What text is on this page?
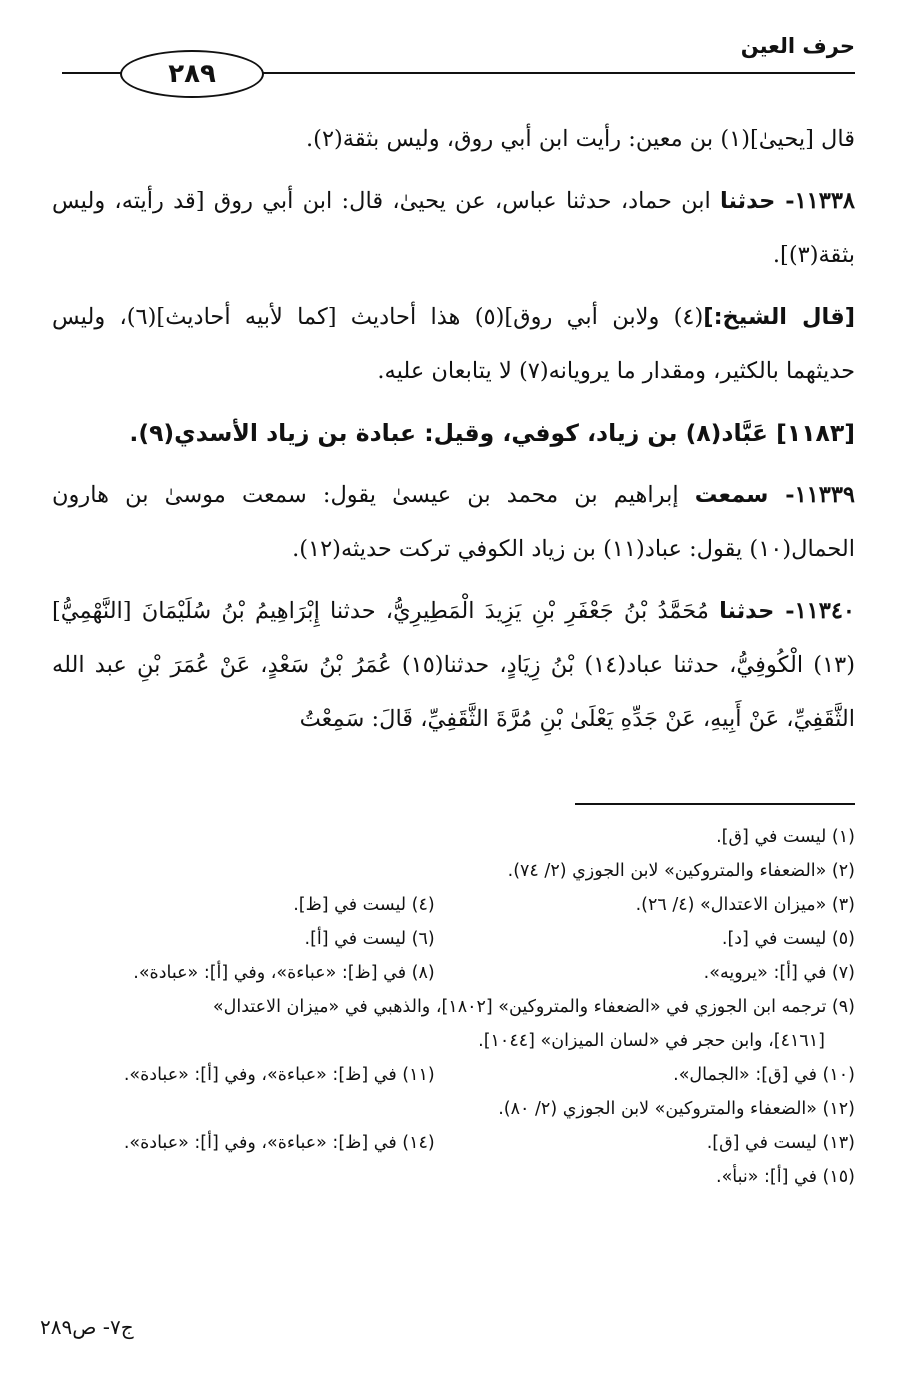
حرف العين
٢٨٩

قال [يحيىٰ](١) بن معين: رأيت ابن أبي روق، وليس بثقة(٢).

١١٣٣٨- حدثنا ابن حماد، حدثنا عباس، عن يحيىٰ، قال: ابن أبي روق [قد رأيته، وليس بثقة(٣)].

[قال الشيخ:](٤) ولابن أبي روق](٥) هذا أحاديث [كما لأبيه أحاديث](٦)، وليس حديثهما بالكثير، ومقدار ما يرويانه(٧) لا يتابعان عليه.

[١١٨٣] عَبَّاد(٨) بن زياد، كوفي، وقيل: عبادة بن زياد الأسدي(٩).

١١٣٣٩- سمعت إبراهيم بن محمد بن عيسىٰ يقول: سمعت موسىٰ بن هارون الحمال(١٠) يقول: عباد(١١) بن زياد الكوفي تركت حديثه(١٢).

١١٣٤٠- حدثنا مُحَمَّدُ بْنُ جَعْفَرِ بْنِ يَزِيدَ الْمَطِيرِيُّ، حدثنا إِبْرَاهِيمُ بْنُ سُلَيْمَانَ [النَّهْمِيُّ](١٣) الْكُوفِيُّ، حدثنا عباد(١٤) بْنُ زِيَادٍ، حدثنا(١٥) عُمَرُ بْنُ سَعْدٍ، عَنْ عُمَرَ بْنِ عبد الله الثَّقَفِيِّ، عَنْ أَبِيهِ، عَنْ جَدِّهِ يَعْلَىٰ بْنِ مُرَّةَ الثَّقَفِيِّ، قَالَ: سَمِعْتُ

(١) ليست في [ق].
(٢) «الضعفاء والمتروكين» لابن الجوزي (٢/ ٧٤).
(٣) «ميزان الاعتدال» (٤/ ٢٦).
(٤) ليست في [ظ].
(٥) ليست في [د].
(٦) ليست في [أ].
(٧) في [أ]: «يرويه».
(٨) في [ظ]: «عباءة»، وفي [أ]: «عبادة».
(٩) ترجمه ابن الجوزي في «الضعفاء والمتروكين» [١٨٠٢]، والذهبي في «ميزان الاعتدال»
[٤١٦١]، وابن حجر في «لسان الميزان» [١٠٤٤].
(١٠) في [ق]: «الجمال».
(١١) في [ظ]: «عباءة»، وفي [أ]: «عبادة».
(١٢) «الضعفاء والمتروكين» لابن الجوزي (٢/ ٨٠).
(١٣) ليست في [ق].
(١٤) في [ظ]: «عباءة»، وفي [أ]: «عبادة».
(١٥) في [أ]: «نبأ».
ج٧- ص٢٨٩
